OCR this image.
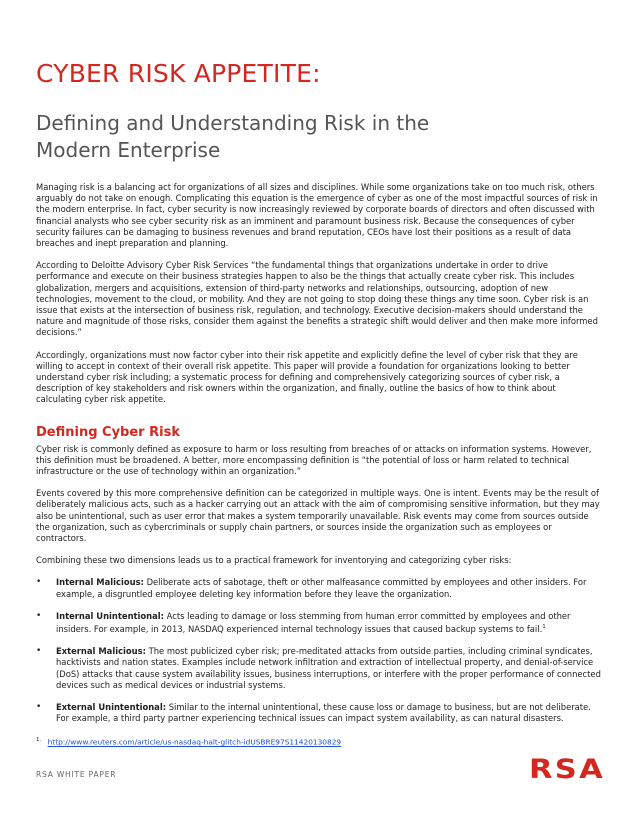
CYBER RISK APPETITE:
Defining and Understanding Risk in the
Modern Enterprise

Managing risk is a balancing act for organizations of all sizes and disciplines. While some organizations take on too much risk, others arguably do not take on enough. Complicating this equation is the emergence of cyber as one of the most impactful sources of risk in the modern enterprise. In fact, cyber security is now increasingly reviewed by corporate boards of directors and often discussed with financial analysts who see cyber security risk as an imminent and paramount business risk. Because the consequences of cyber security failures can be damaging to business revenues and brand reputation, CEOs have lost their positions as a result of data breaches and inept preparation and planning.

According to Deloitte Advisory Cyber Risk Services “the fundamental things that organizations undertake in order to drive performance and execute on their business strategies happen to also be the things that actually create cyber risk. This includes globalization, mergers and acquisitions, extension of third-party networks and relationships, outsourcing, adoption of new technologies, movement to the cloud, or mobility. And they are not going to stop doing these things any time soon. Cyber risk is an issue that exists at the intersection of business risk, regulation, and technology. Executive decision-makers should understand the nature and magnitude of those risks, consider them against the benefits a strategic shift would deliver and then make more informed decisions.”

Accordingly, organizations must now factor cyber into their risk appetite and explicitly define the level of cyber risk that they are willing to accept in context of their overall risk appetite. This paper will provide a foundation for organizations looking to better understand cyber risk including; a systematic process for defining and comprehensively categorizing sources of cyber risk, a description of key stakeholders and risk owners within the organization, and finally, outline the basics of how to think about calculating cyber risk appetite.

Defining Cyber Risk

Cyber risk is commonly defined as exposure to harm or loss resulting from breaches of or attacks on information systems. However, this definition must be broadened. A better, more encompassing definition is “the potential of loss or harm related to technical infrastructure or the use of technology within an organization.”

Events covered by this more comprehensive definition can be categorized in multiple ways. One is intent. Events may be the result of deliberately malicious acts, such as a hacker carrying out an attack with the aim of compromising sensitive information, but they may also be unintentional, such as user error that makes a system temporarily unavailable. Risk events may come from sources outside the organization, such as cybercriminals or supply chain partners, or sources inside the organization such as employees or contractors.

Combining these two dimensions leads us to a practical framework for inventorying and categorizing cyber risks:

• Internal Malicious: Deliberate acts of sabotage, theft or other malfeasance committed by employees and other insiders. For example, a disgruntled employee deleting key information before they leave the organization.
• Internal Unintentional: Acts leading to damage or loss stemming from human error committed by employees and other insiders. For example, in 2013, NASDAQ experienced internal technology issues that caused backup systems to fail.$^1$
• External Malicious: The most publicized cyber risk; pre-meditated attacks from outside parties, including criminal syndicates, hacktivists and nation states. Examples include network infiltration and extraction of intellectual property, and denial-of-service (DoS) attacks that cause system availability issues, business interruptions, or interfere with the proper performance of connected devices such as medical devices or industrial systems.
• External Unintentional: Similar to the internal unintentional, these cause loss or damage to business, but are not deliberate. For example, a third party partner experiencing technical issues can impact system availability, as can natural disasters.
$^{1.}$ http://www.reuters.com/article/us-nasdaq-halt-glitch-idUSBRE97S11420130829
RSA WHITE PAPER	RSA
